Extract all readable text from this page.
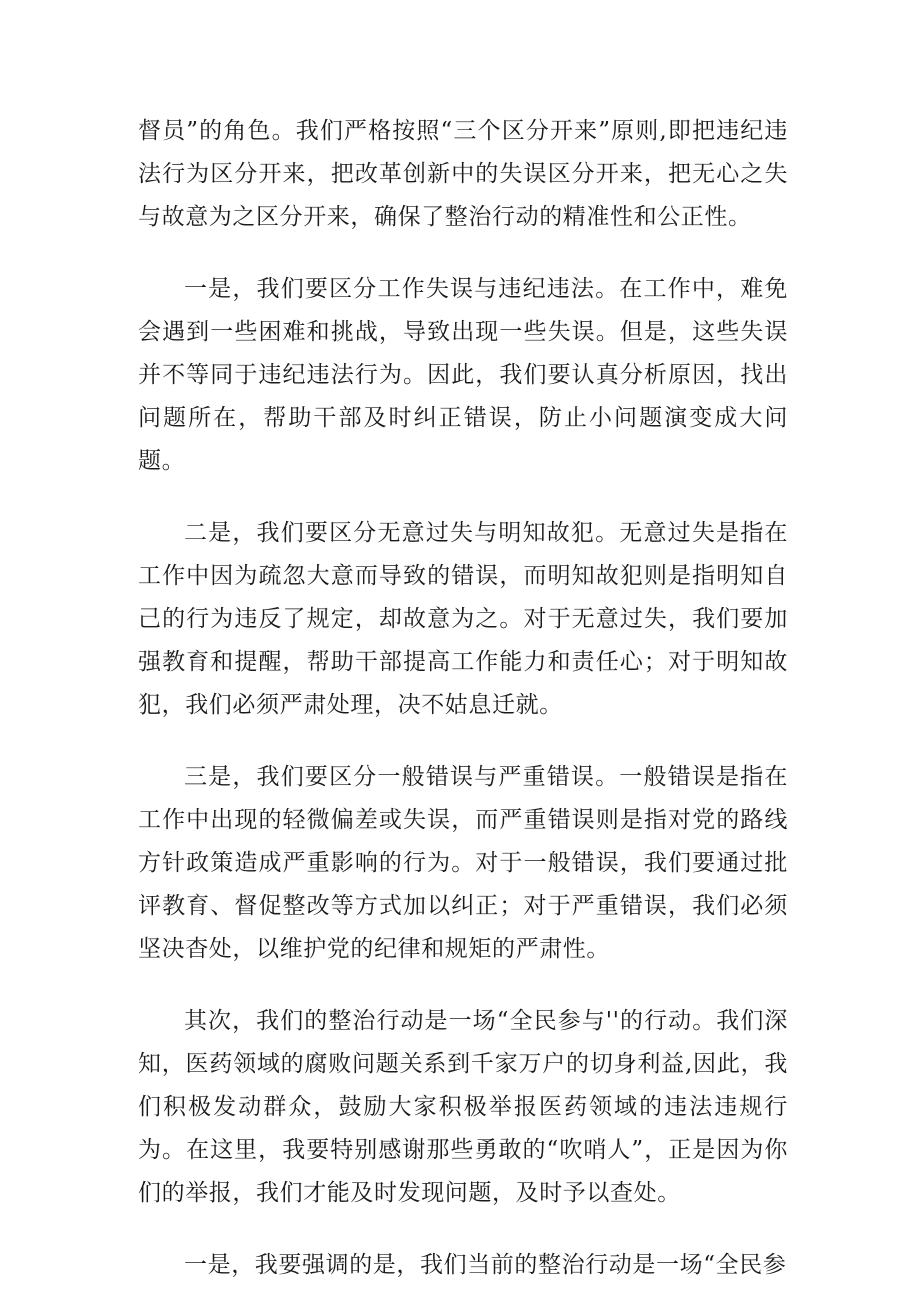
督员”的角色。我们严格按照“三个区分开来”原则,即把违纪违法行为区分开来，把改革创新中的失误区分开来，把无心之失与故意为之区分开来，确保了整治行动的精准性和公正性。

一是，我们要区分工作失误与违纪违法。在工作中，难免会遇到一些困难和挑战，导致出现一些失误。但是，这些失误并不等同于违纪违法行为。因此，我们要认真分析原因，找出问题所在，帮助干部及时纠正错误，防止小问题演变成大问题。

二是，我们要区分无意过失与明知故犯。无意过失是指在工作中因为疏忽大意而导致的错误，而明知故犯则是指明知自己的行为违反了规定，却故意为之。对于无意过失，我们要加强教育和提醒，帮助干部提高工作能力和责任心；对于明知故犯，我们必须严肃处理，决不姑息迁就。

三是，我们要区分一般错误与严重错误。一般错误是指在工作中出现的轻微偏差或失误，而严重错误则是指对党的路线方针政策造成严重影响的行为。对于一般错误，我们要通过批评教育、督促整改等方式加以纠正；对于严重错误，我们必须坚决杳处，以维护党的纪律和规矩的严肃性。

其次，我们的整治行动是一场“全民参与''的行动。我们深知，医药领域的腐败问题关系到千家万户的切身利益,因此，我们积极发动群众，鼓励大家积极举报医药领域的违法违规行为。在这里，我要特别感谢那些勇敢的“吹哨人”，正是因为你们的举报，我们才能及时发现问题，及时予以查处。

一是，我要强调的是，我们当前的整治行动是一场“全民参
